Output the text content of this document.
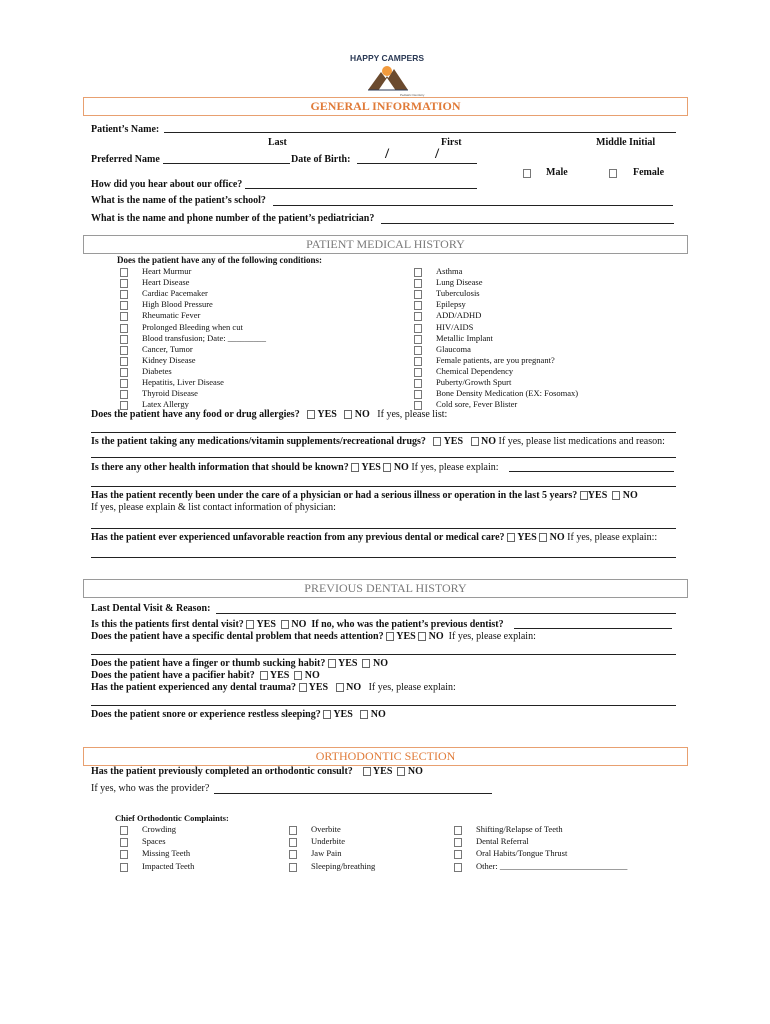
HAPPY CAMPERS
Pediatric Dentistry
GENERAL INFORMATION
Patient’s Name:
Last	First	Middle Initial
Preferred Name	Date of Birth: /	/
Male	Female
How did you hear about our office?
What is the name of the patient’s school?
What is the name and phone number of the patient’s pediatrician?
PATIENT MEDICAL HISTORY
Does the patient have any of the following conditions:
Heart Murmur
Heart Disease
Cardiac Pacemaker
High Blood Pressure
Rheumatic Fever
Prolonged Bleeding when cut
Blood transfusion; Date: _________
Cancer, Tumor
Kidney Disease
Diabetes
Hepatitis, Liver Disease
Thyroid Disease
Latex Allergy
Asthma
Lung Disease
Tuberculosis
Epilepsy
ADD/ADHD
HIV/AIDS
Metallic Implant
Glaucoma
Female patients, are you pregnant?
Chemical Dependency
Puberty/Growth Spurt
Bone Density Medication (EX: Fosomax)
Cold sore, Fever Blister
Does the patient have any food or drug allergies? YES NO If yes, please list:
Is the patient taking any medications/vitamin supplements/recreational drugs? YES NO If yes, please list medications and reason:
Is there any other health information that should be known? YES NO If yes, please explain:
Has the patient recently been under the care of a physician or had a serious illness or operation in the last 5 years? YES NO
If yes, please explain & list contact information of physician:
Has the patient ever experienced unfavorable reaction from any previous dental or medical care? YES NO If yes, please explain::
PREVIOUS DENTAL HISTORY
Last Dental Visit & Reason:
Is this the patients first dental visit? YES NO If no, who was the patient’s previous dentist?
Does the patient have a specific dental problem that needs attention? YES NO If yes, please explain:
Does the patient have a finger or thumb sucking habit? YES NO
Does the patient have a pacifier habit? YES NO
Has the patient experienced any dental trauma? YES NO If yes, please explain:
Does the patient snore or experience restless sleeping? YES NO
ORTHODONTIC SECTION
Has the patient previously completed an orthodontic consult? YES NO
If yes, who was the provider?
Chief Orthodontic Complaints:
Crowding
Spaces
Missing Teeth
Impacted Teeth
Overbite
Underbite
Jaw Pain
Sleeping/breathing
Shifting/Relapse of Teeth
Dental Referral
Oral Habits/Tongue Thrust
Other: ______________________________
